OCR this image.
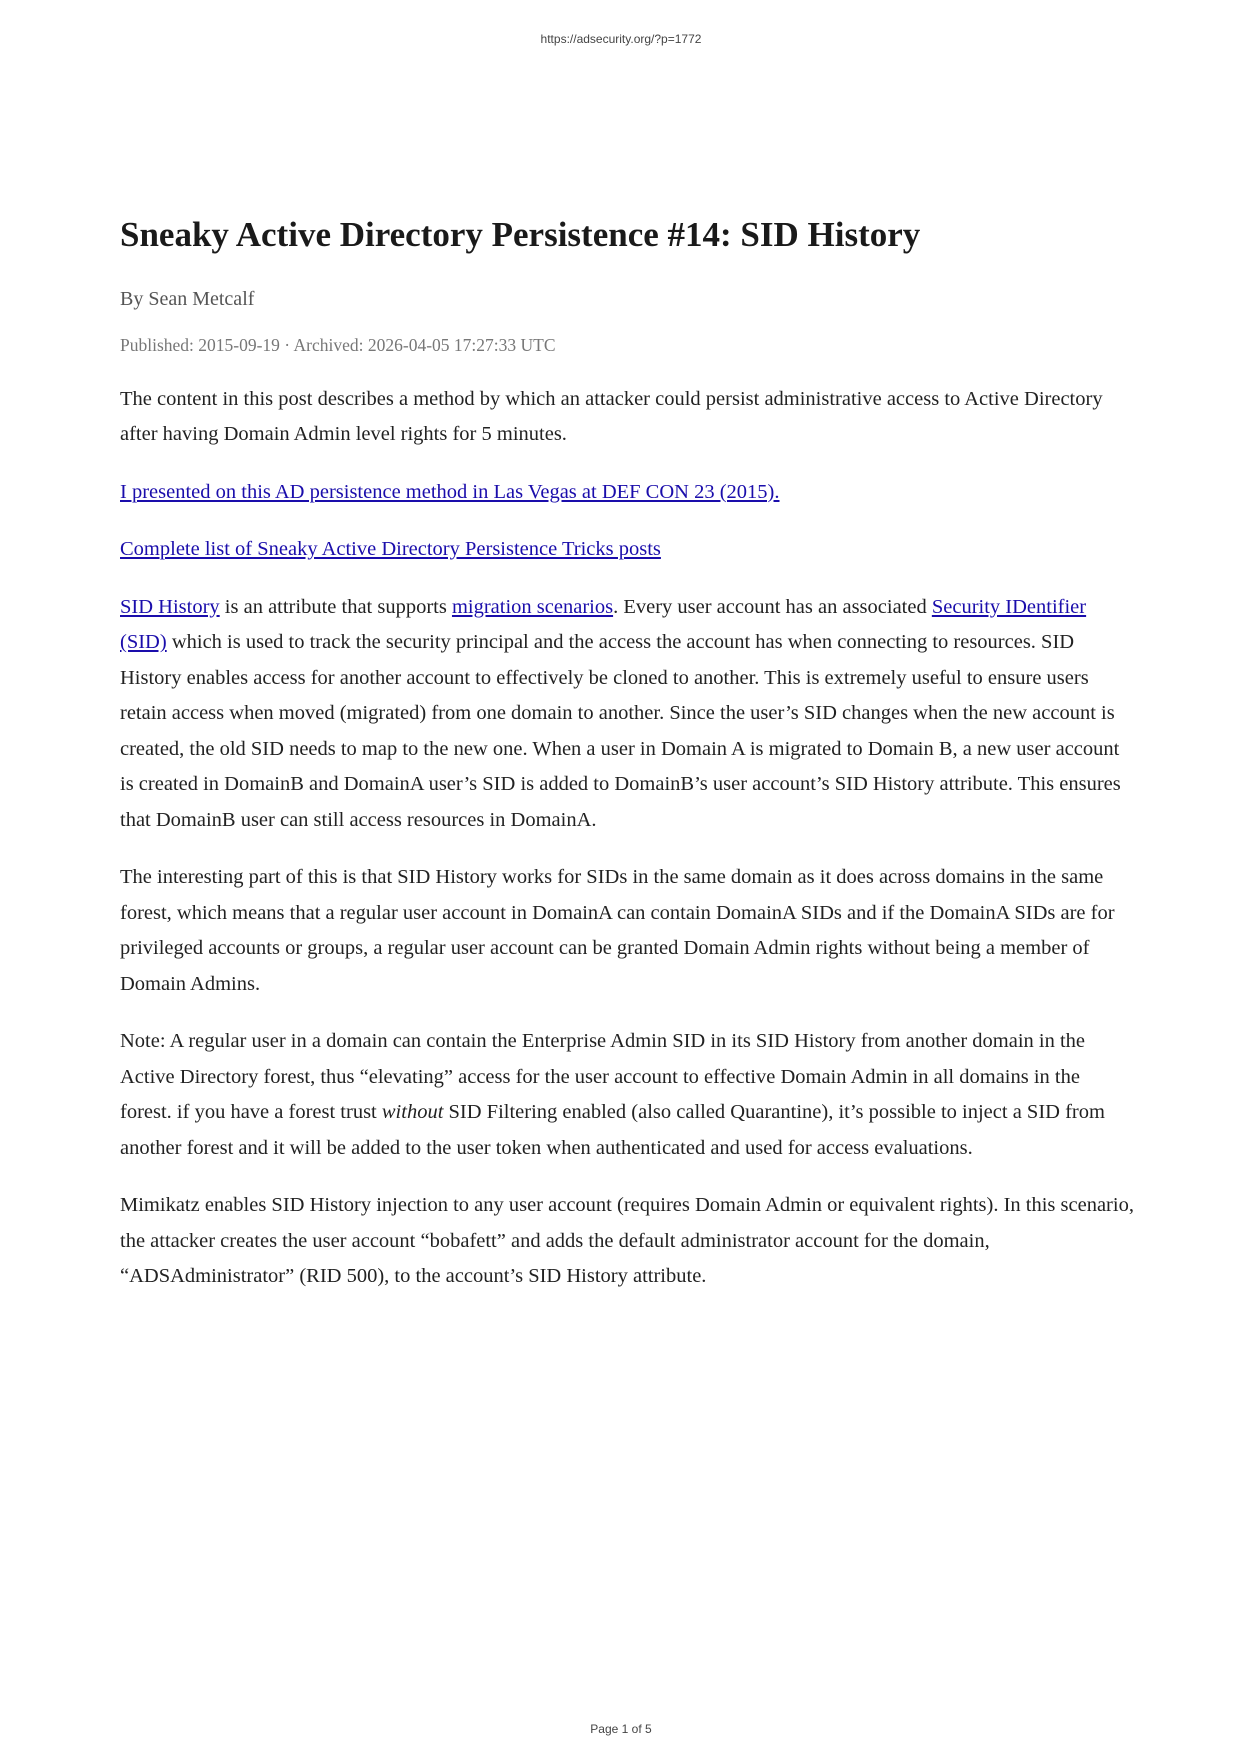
https://adsecurity.org/?p=1772
Sneaky Active Directory Persistence #14: SID History
By Sean Metcalf
Published: 2015-09-19 · Archived: 2026-04-05 17:27:33 UTC

The content in this post describes a method by which an attacker could persist administrative access to Active Directory after having Domain Admin level rights for 5 minutes.

I presented on this AD persistence method in Las Vegas at DEF CON 23 (2015).

Complete list of Sneaky Active Directory Persistence Tricks posts

SID History is an attribute that supports migration scenarios. Every user account has an associated Security IDentifier (SID) which is used to track the security principal and the access the account has when connecting to resources. SID History enables access for another account to effectively be cloned to another. This is extremely useful to ensure users retain access when moved (migrated) from one domain to another. Since the user’s SID changes when the new account is created, the old SID needs to map to the new one. When a user in Domain A is migrated to Domain B, a new user account is created in DomainB and DomainA user’s SID is added to DomainB’s user account’s SID History attribute. This ensures that DomainB user can still access resources in DomainA.

The interesting part of this is that SID History works for SIDs in the same domain as it does across domains in the same forest, which means that a regular user account in DomainA can contain DomainA SIDs and if the DomainA SIDs are for privileged accounts or groups, a regular user account can be granted Domain Admin rights without being a member of Domain Admins.

Note: A regular user in a domain can contain the Enterprise Admin SID in its SID History from another domain in the Active Directory forest, thus “elevating” access for the user account to effective Domain Admin in all domains in the forest. if you have a forest trust without SID Filtering enabled (also called Quarantine), it’s possible to inject a SID from another forest and it will be added to the user token when authenticated and used for access evaluations.

Mimikatz enables SID History injection to any user account (requires Domain Admin or equivalent rights). In this scenario, the attacker creates the user account “bobafett” and adds the default administrator account for the domain, “ADSAdministrator” (RID 500), to the account’s SID History attribute.

Page 1 of 5
